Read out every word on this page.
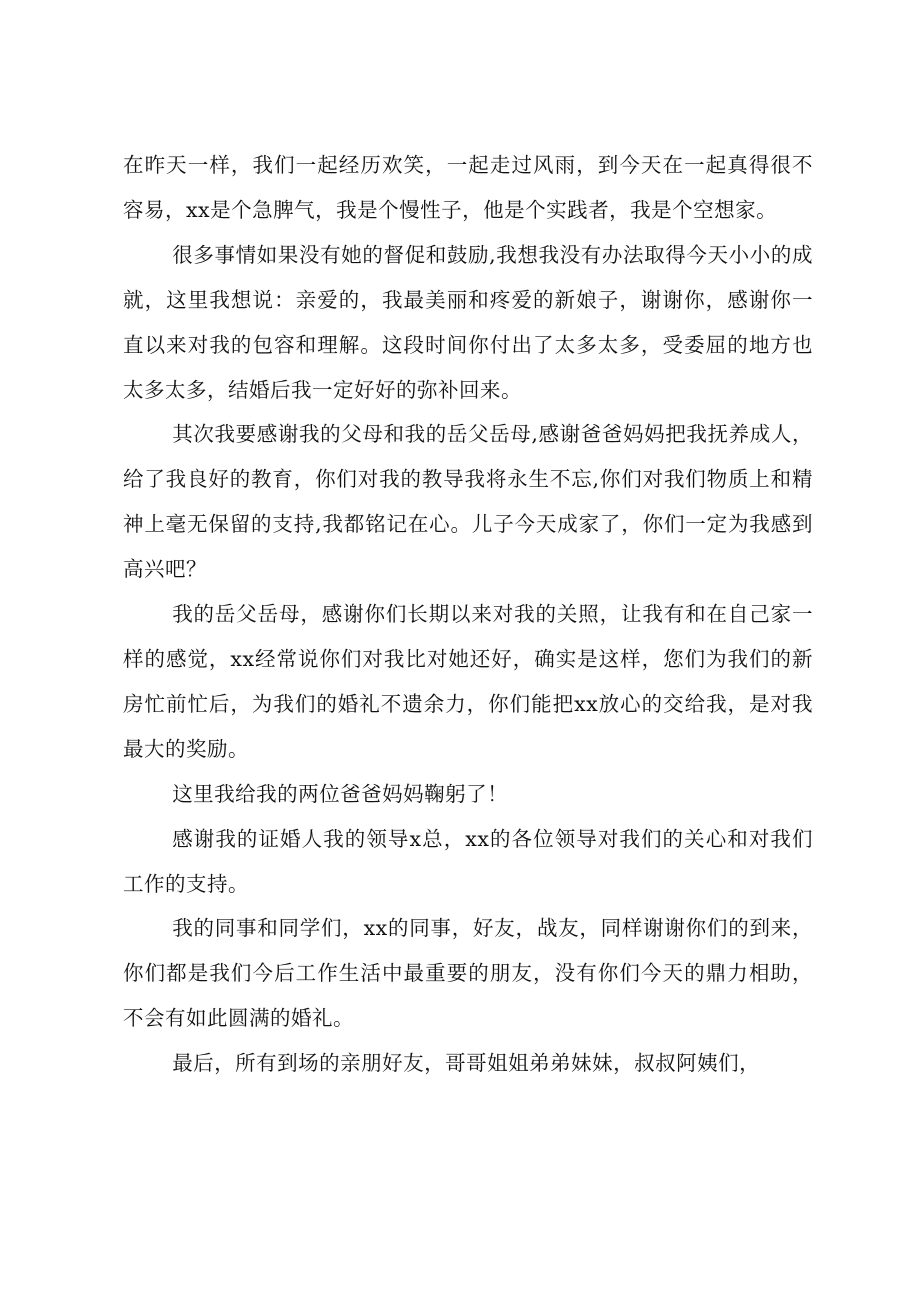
在昨天一样，我们一起经历欢笑，一起走过风雨，到今天在一起真得很不容易，xx是个急脾气，我是个慢性子，他是个实践者，我是个空想家。

很多事情如果没有她的督促和鼓励,我想我没有办法取得今天小小的成就，这里我想说：亲爱的，我最美丽和疼爱的新娘子，谢谢你，感谢你一直以来对我的包容和理解。这段时间你付出了太多太多，受委屈的地方也太多太多，结婚后我一定好好的弥补回来。

其次我要感谢我的父母和我的岳父岳母,感谢爸爸妈妈把我抚养成人，给了我良好的教育，你们对我的教导我将永生不忘,你们对我们物质上和精神上毫无保留的支持,我都铭记在心。儿子今天成家了，你们一定为我感到高兴吧？

我的岳父岳母，感谢你们长期以来对我的关照，让我有和在自己家一样的感觉，xx经常说你们对我比对她还好，确实是这样，您们为我们的新房忙前忙后，为我们的婚礼不遗余力，你们能把xx放心的交给我，是对我最大的奖励。

这里我给我的两位爸爸妈妈鞠躬了！

感谢我的证婚人我的领导x总，xx的各位领导对我们的关心和对我们工作的支持。

我的同事和同学们，xx的同事，好友，战友，同样谢谢你们的到来，你们都是我们今后工作生活中最重要的朋友，没有你们今天的鼎力相助，不会有如此圆满的婚礼。

最后，所有到场的亲朋好友，哥哥姐姐弟弟妹妹，叔叔阿姨们，
